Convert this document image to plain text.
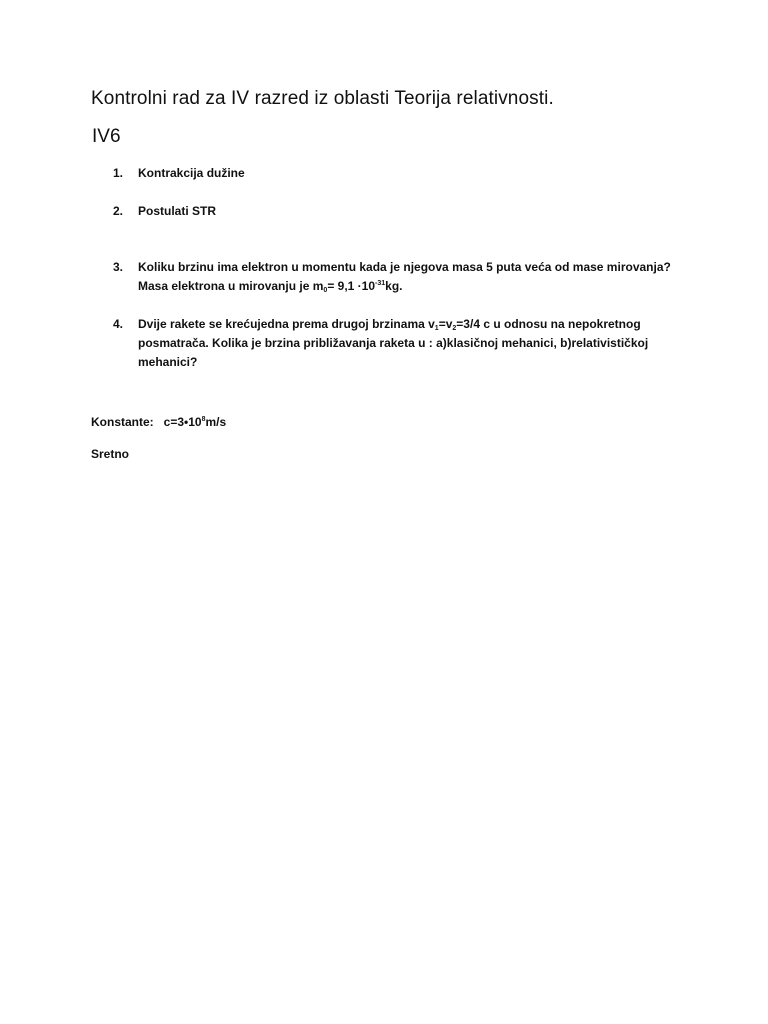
Kontrolni rad za IV razred iz oblasti Teorija relativnosti.
IV6
1.	Kontrakcija dužine
2.	Postulati STR
3.	Koliku brzinu ima elektron u momentu kada je njegova masa 5 puta veća od mase mirovanja?
Masa elektrona u mirovanju je $m_0= 9,1 \cdot 10^{-31}kg$.
4.	Dvije rakete se krećujedna prema drugoj brzinama $v_1=v_2=3/4$ c u odnosu na nepokretnog
posmatrača. Kolika je brzina približavanja raketa u : a)klasičnoj mehanici, b)relativističkoj
mehanici?
Konstante: $c=3•10^8m/s$
Sretno
